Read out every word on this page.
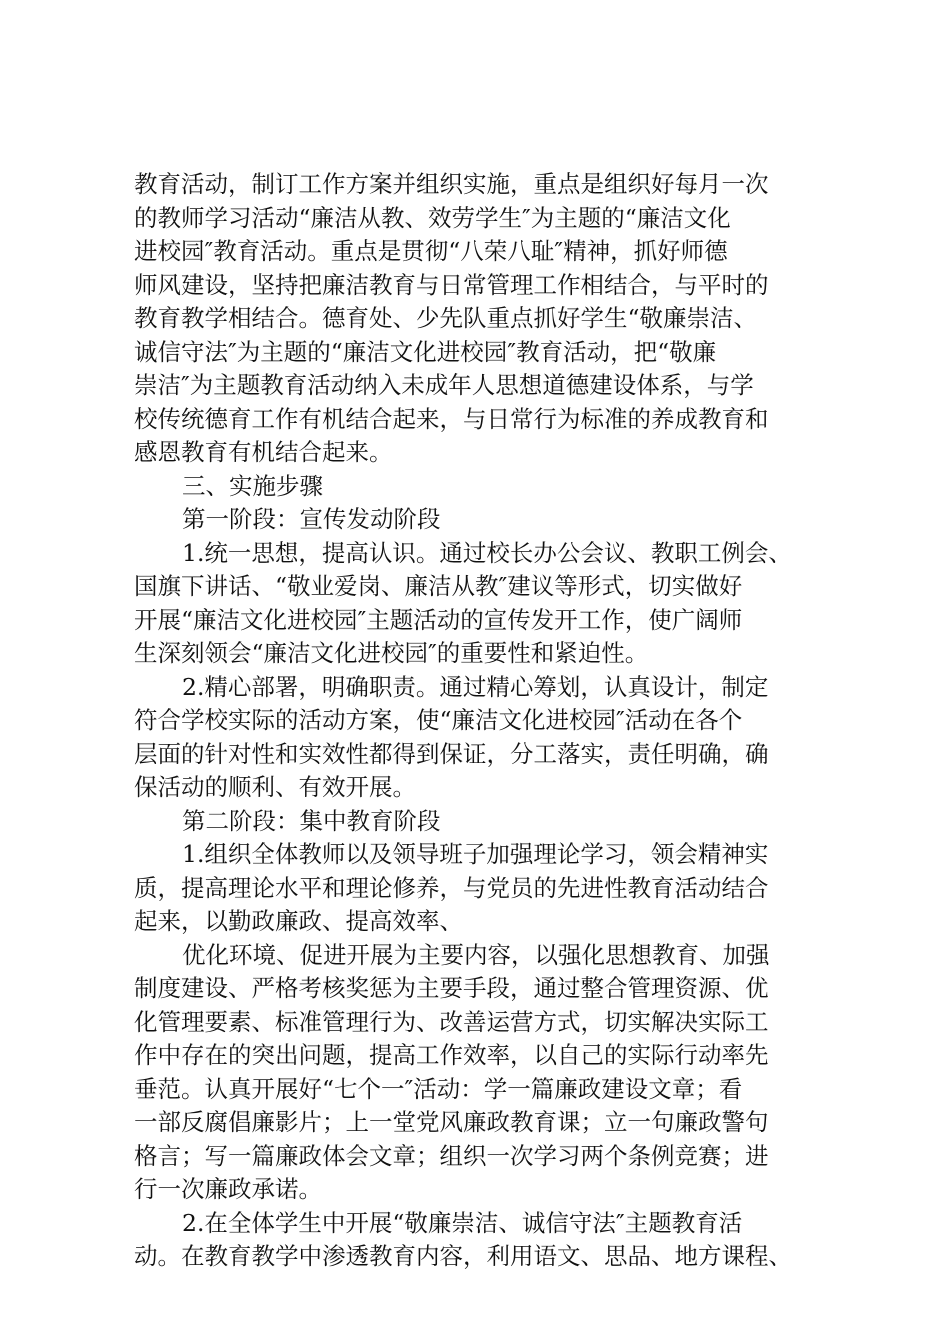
教育活动，制订工作方案并组织实施，重点是组织好每月一次
的教师学习活动“廉洁从教、效劳学生″为主题的“廉洁文化
进校园″教育活动。重点是贯彻“八荣八耻″精神，抓好师德
师风建设，坚持把廉洁教育与日常管理工作相结合，与平时的
教育教学相结合。德育处、少先队重点抓好学生“敬廉崇洁、
诚信守法″为主题的“廉洁文化进校园″教育活动，把“敬廉
崇洁″为主题教育活动纳入未成年人思想道德建设体系，与学
校传统德育工作有机结合起来，与日常行为标准的养成教育和
感恩教育有机结合起来。
三、实施步骤
第一阶段：宣传发动阶段
1.统一思想，提高认识。通过校长办公会议、教职工例会、
国旗下讲话、“敬业爱岗、廉洁从教″建议等形式，切实做好
开展“廉洁文化进校园″主题活动的宣传发开工作，使广阔师
生深刻领会“廉洁文化进校园″的重要性和紧迫性。
2.精心部署，明确职责。通过精心筹划，认真设计，制定
符合学校实际的活动方案，使“廉洁文化进校园″活动在各个
层面的针对性和实效性都得到保证，分工落实，责任明确，确
保活动的顺利、有效开展。
第二阶段：集中教育阶段
1.组织全体教师以及领导班子加强理论学习，领会精神实
质，提高理论水平和理论修养，与党员的先进性教育活动结合
起来，以勤政廉政、提高效率、
优化环境、促进开展为主要内容，以强化思想教育、加强
制度建设、严格考核奖惩为主要手段，通过整合管理资源、优
化管理要素、标准管理行为、改善运营方式，切实解决实际工
作中存在的突出问题，提高工作效率，以自己的实际行动率先
垂范。认真开展好“七个一″活动：学一篇廉政建设文章；看
一部反腐倡廉影片；上一堂党风廉政教育课；立一句廉政警句
格言；写一篇廉政体会文章；组织一次学习两个条例竞赛；进
行一次廉政承诺。
2.在全体学生中开展“敬廉崇洁、诚信守法″主题教育活
动。在教育教学中渗透教育内容，利用语文、思品、地方课程、
